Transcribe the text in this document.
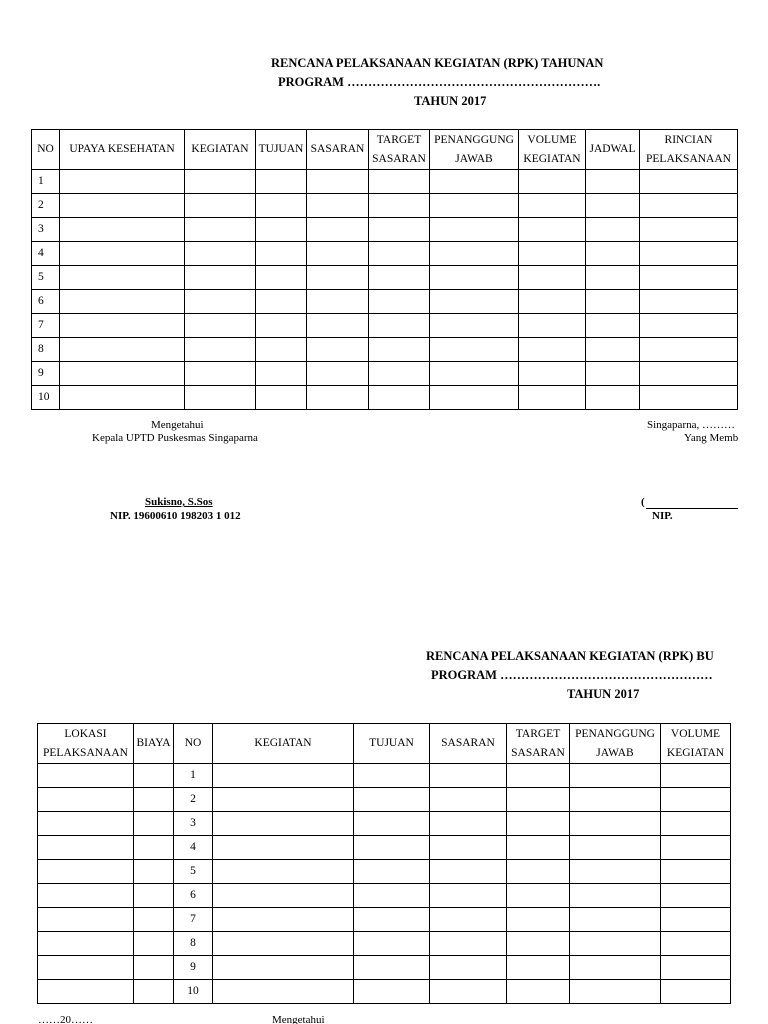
RENCANA PELAKSANAAN KEGIATAN (RPK) TAHUNAN
PROGRAM …………………………………………………….
TAHUN 2017
NO	UPAYA KESEHATAN	KEGIATAN	TUJUAN	SASARAN	TARGET SASARAN	PENANGGUNG JAWAB	VOLUME KEGIATAN	JADWAL	RINCIAN PELAKSANAAN
1									
2									
3									
4									
5									
6									
7									
8									
9									
10									
Mengetahui
Kepala UPTD Puskesmas Singaparna
Sukisno, S.Sos
NIP. 19600610 198203 1 012
Singaparna, ………
Yang Memb
(
NIP.
RENCANA PELAKSANAAN KEGIATAN (RPK) BU
PROGRAM ……………………………………………
TAHUN 2017
LOKASI PELAKSANAAN	BIAYA	NO	KEGIATAN	TUJUAN	SASARAN	TARGET SASARAN	PENANGGUNG JAWAB	VOLUME KEGIATAN
		1						
		2						
		3						
		4						
		5						
		6						
		7						
		8						
		9						
		10						
……20……	Mengetahui
